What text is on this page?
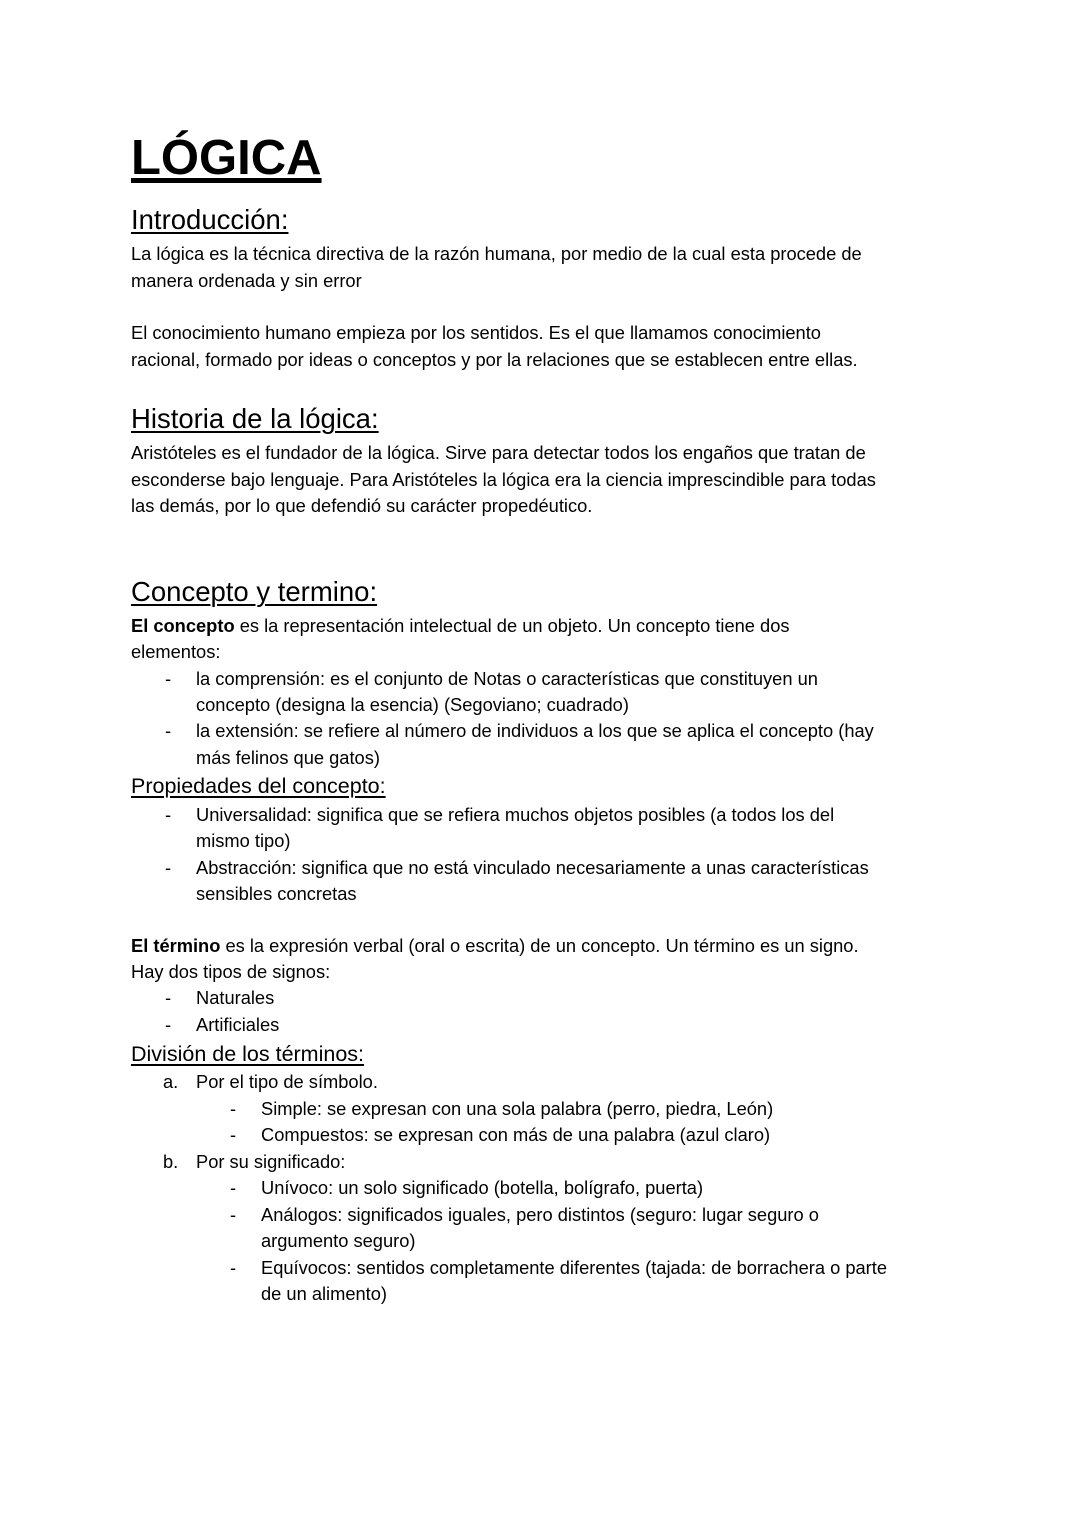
LÓGICA
Introducción:
La lógica es la técnica directiva de la razón humana, por medio de la cual esta procede de
manera ordenada y sin error
El conocimiento humano empieza por los sentidos. Es el que llamamos conocimiento
racional, formado por ideas o conceptos y por la relaciones que se establecen entre ellas.
Historia de la lógica:
Aristóteles es el fundador de la lógica. Sirve para detectar todos los engaños que tratan de
esconderse bajo lenguaje. Para Aristóteles la lógica era la ciencia imprescindible para todas
las demás, por lo que defendió su carácter propedéutico.
Concepto y termino:
El concepto es la representación intelectual de un objeto. Un concepto tiene dos
elementos:
- la comprensión: es el conjunto de Notas o características que constituyen un
concepto (designa la esencia) (Segoviano; cuadrado)
- la extensión: se refiere al número de individuos a los que se aplica el concepto (hay
más felinos que gatos)
Propiedades del concepto:
- Universalidad: significa que se refiera muchos objetos posibles (a todos los del
mismo tipo)
- Abstracción: significa que no está vinculado necesariamente a unas características
sensibles concretas
El término es la expresión verbal (oral o escrita) de un concepto. Un término es un signo.
Hay dos tipos de signos:
- Naturales
- Artificiales
División de los términos:
a. Por el tipo de símbolo.
- Simple: se expresan con una sola palabra (perro, piedra, León)
- Compuestos: se expresan con más de una palabra (azul claro)
b. Por su significado:
- Unívoco: un solo significado (botella, bolígrafo, puerta)
- Análogos: significados iguales, pero distintos (seguro: lugar seguro o
argumento seguro)
- Equívocos: sentidos completamente diferentes (tajada: de borrachera o parte
de un alimento)
